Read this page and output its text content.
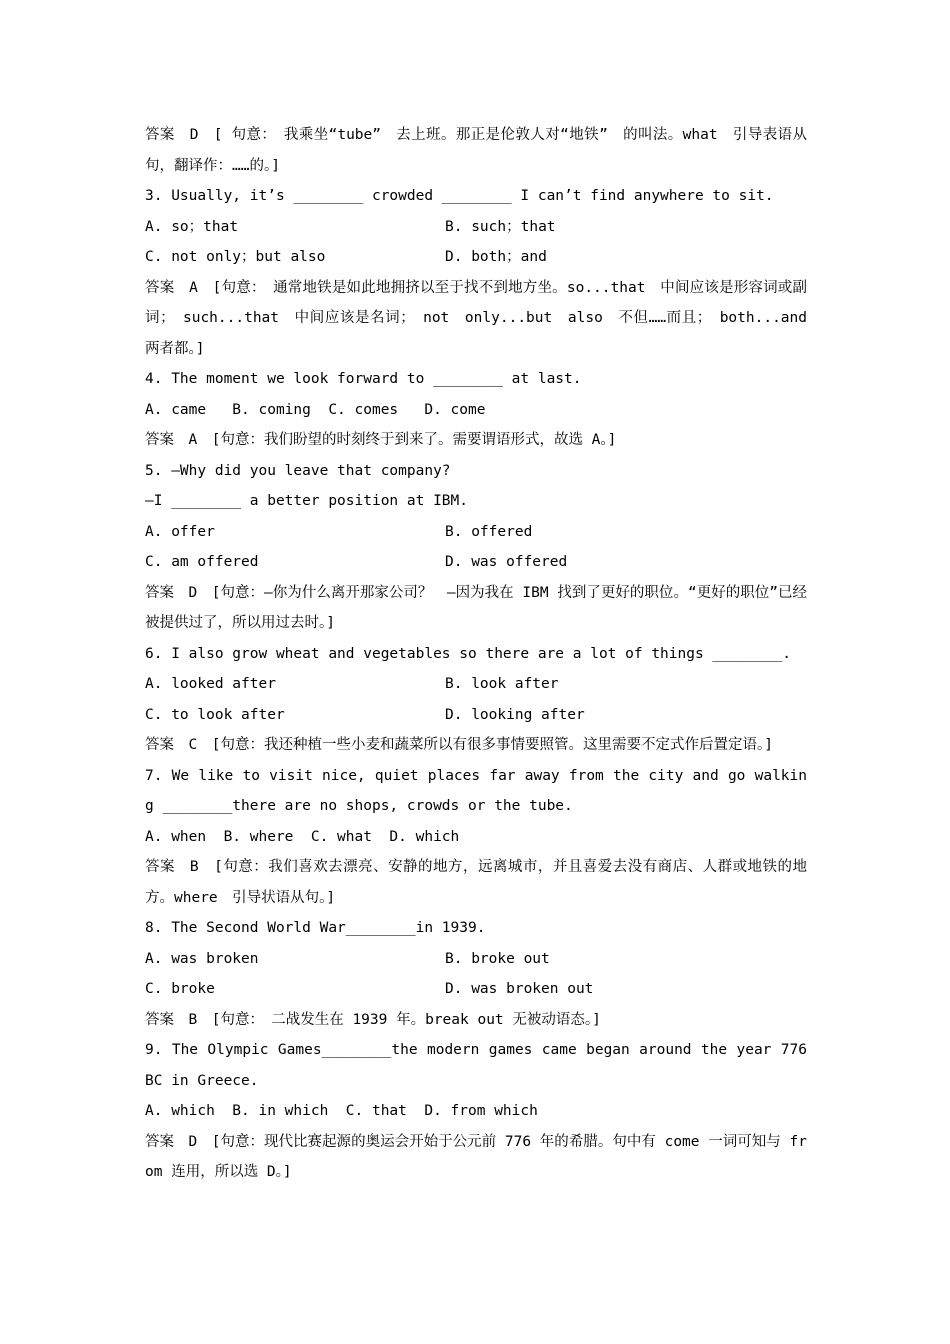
答案　D　[ 句意：　我乘坐“tube”　去上班。那正是伦敦人对“地铁”　的叫法。what　引导表语从句，翻译作：……的。]
3. Usually, it’s ________ crowded ________ I can’t find anywhere to sit.
A. so；that	B. such；that
C. not only；but also	D. both；and
答案　A　[句意：　通常地铁是如此地拥挤以至于找不到地方坐。so...that　中间应该是形容词或副词；　such...that　中间应该是名词；　not　only...but　also　不但……而且；　both...and　两者都。]
4. The moment we look forward to ________ at last.
A. came   B. coming  C. comes   D. come
答案　A　[句意：我们盼望的时刻终于到来了。需要谓语形式，故选 A。]
5. —Why did you leave that company?
—I ________ a better position at IBM.
A. offer	B. offered
C. am offered	D. was offered
答案　D　[句意：—你为什么离开那家公司？　—因为我在 IBM 找到了更好的职位。“更好的职位”已经被提供过了，所以用过去时。]
6. I also grow wheat and vegetables so there are a lot of things ________.
A. looked after	B. look after
C. to look after	D. looking after
答案　C　[句意：我还种植一些小麦和蔬菜所以有很多事情要照管。这里需要不定式作后置定语。]
7. We like to visit nice, quiet places far away from the city and go walking ________there are no shops, crowds or the tube.
A. when  B. where  C. what  D. which
答案　B　[句意：我们喜欢去漂亮、安静的地方，远离城市，并且喜爱去没有商店、人群或地铁的地方。where　引导状语从句。]
8. The Second World War________in 1939.
A. was broken	B. broke out
C. broke	D. was broken out
答案　B　[句意：　二战发生在 1939 年。break out 无被动语态。]
9. The Olympic Games________the modern games came began around the year 776 BC in Greece.
A. which  B. in which  C. that  D. from which
答案　D　[句意：现代比赛起源的奥运会开始于公元前 776 年的希腊。句中有 come 一词可知与 from 连用，所以选 D。]
